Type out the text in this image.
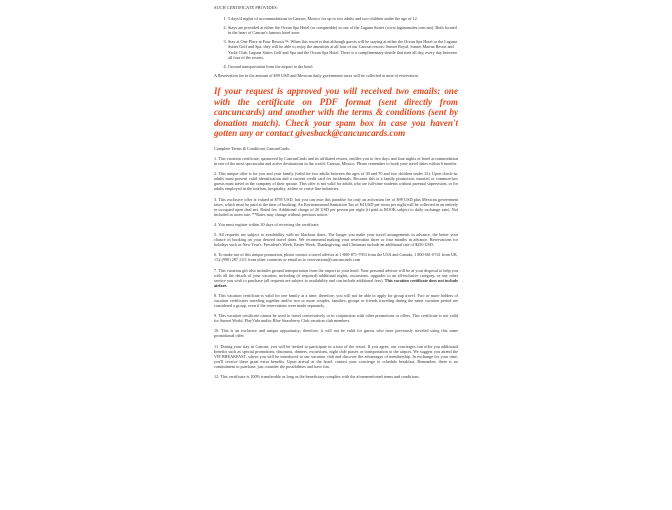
SUCH CERTIFICATE PROVIDES:
1. 5 days/4 nights of accommodations in Cancun, Mexico for up to two adults and two children under the age of 12.
2. Stays are provided at either the Ocean Spa Hotel (or comparable) in one of the Laguna Suites (www.lagunasuites.com.mx). Both located in the heart of Cancun's famous hotel zone.
3. Stay at One Place at Four Resorts™: When this resort is that although guests will be staying at either the Ocean Spa Hotel or the Laguna Suites Golf and Spa, they will be able to enjoy the amenities at all four of our Cancun resorts: Sunset Royal, Sunset Marina Resort and Yacht Club, Laguna Suites Golf and Spa and the Ocean Spa Hotel. There is a complimentary shuttle that runs all day, every day between all four of the resorts.
4. Ground transportation from the airport to the hotel.

A Reservation fee in the amount of $99 USD and Mexican daily government taxes will be collected at time of reservation.

If your request is approved you will received two emails: one with the certificate on PDF format (sent directly from cancuncards) and another with the terms & conditions (sent by donation match). Check your spam box in case you haven't gotten any or contact givesback@cancuncards.com

Complete Terms & Conditions CancunCards:

1. This vacation certificate, sponsored by CancunCards and its affiliated resorts, entitles you to five days and four nights of hotel accommodation in one of the most spectacular and active destinations in the world: Cancun, Mexico. Please remember to book your travel dates within 6 months.

2. This unique offer is for you and your family (valid for two adults between the ages of 30 and 70 and two children under 12). Upon check-in, adults must present valid identification and a current credit card for incidentals. Because this is a family promotion, married or common-law guests must travel in the company of their spouse. This offer is not valid for adults who are full-time students without parental supervision, or for adults employed in the tourism, hospitality, airline or cruise line industries.

3. This exclusive offer is valued at $795 USD, but you can own this paradise for only an activation fee of $99 USD plus Mexican government taxes, which must be paid at the time of booking. An Environmental Sanitation Tax of $4 USD per room per night will be collected in an entirely re-occupied open deal net. Rated fee: Additional charge of 20 USD per person per night (if paid at BOOK subject to daily exchange rate). Not included in room rate. **Rates may change without previous notice.

4. You must register within 30 days of receiving the certificate.

5. All requests are subject to availability with no blackout dates. The longer you make your travel arrangements in advance, the better your chance of booking on your desired travel dates. We recommend making your reservation three or four months in advance. Reservations for holidays such as New Year's, President's Week, Easter Week, Thanksgiving, and Christmas include an additional rate of $250 USD.

6. To make use of this unique promotion, please contact a travel advisor at 1-800-871-7953 from the USA and Canada, 1 800 661-0741 from UK, +52 (998) 287 1111 from other countries or email us to reservations@cancuncards.com

7. This vacation gift also includes ground transportation from the airport to your hotel. Your personal advisor will be at your disposal to help you with all the details of your vacation, including (if required) additional nights, excursions, upgrades to an all-inclusive category, or any other service you wish to purchase (all requests are subject to availability and can include additional fees). This vacation certificate does not include airfare.

8. This vacation certificate is valid for one family at a time; therefore, you will not be able to apply for group travel. Two or more holders of vacation certificates traveling together and/or two or more couples, families, groups or friends traveling during the same vacation period are considered a group, even if the reservations were made separately.

9. This vacation certificate cannot be used to travel consecutively or in conjunction with other promotions or offers. This certificate is not valid for Sunset World, PlayVida and/or Blue Strawberry Club vacation club members.

10. This is an exclusive and unique opportunity; therefore, it will not be valid for guests who have previously traveled using this same promotional offer.

11. During your stay in Cancun, you will be invited to participate in a tour of the resort. If you agree, our concierges can offer you additional benefits such as special promotions, discounts, dinners, excursions, night club passes or transportation to the airport. We suggest you attend the VIP BREAKFAST, where you will be introduced to our vacation club and discover the advantages of membership. In exchange for your time, you'll receive these great extra benefits. Upon arrival at the hotel, contact your concierge to schedule breakfast. Remember, there is no commitment to purchase, just consider the possibilities and have fun.

12. This certificate is 100% transferable as long as the beneficiary complies with the aforementioned terms and conditions.
